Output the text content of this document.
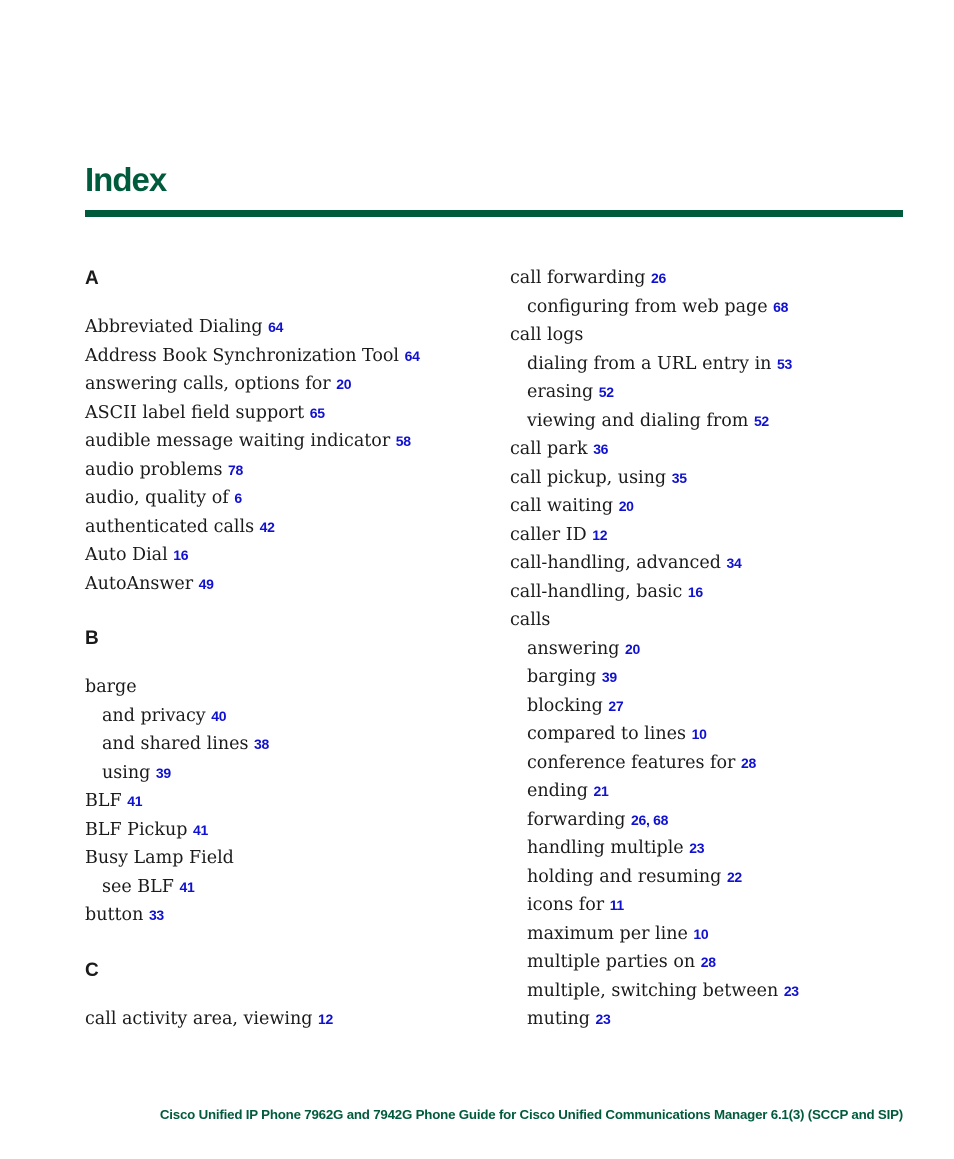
Index
A
Abbreviated Dialing 64
Address Book Synchronization Tool 64
answering calls, options for 20
ASCII label field support 65
audible message waiting indicator 58
audio problems 78
audio, quality of 6
authenticated calls 42
Auto Dial 16
AutoAnswer 49
B
barge
and privacy 40
and shared lines 38
using 39
BLF 41
BLF Pickup 41
Busy Lamp Field
see BLF 41
button 33
C
call activity area, viewing 12
call forwarding 26
configuring from web page 68
call logs
dialing from a URL entry in 53
erasing 52
viewing and dialing from 52
call park 36
call pickup, using 35
call waiting 20
caller ID 12
call-handling, advanced 34
call-handling, basic 16
calls
answering 20
barging 39
blocking 27
compared to lines 10
conference features for 28
ending 21
forwarding 26, 68
handling multiple 23
holding and resuming 22
icons for 11
maximum per line 10
multiple parties on 28
multiple, switching between 23
muting 23
Cisco Unified IP Phone 7962G and 7942G Phone Guide for Cisco Unified Communications Manager 6.1(3) (SCCP and SIP)
